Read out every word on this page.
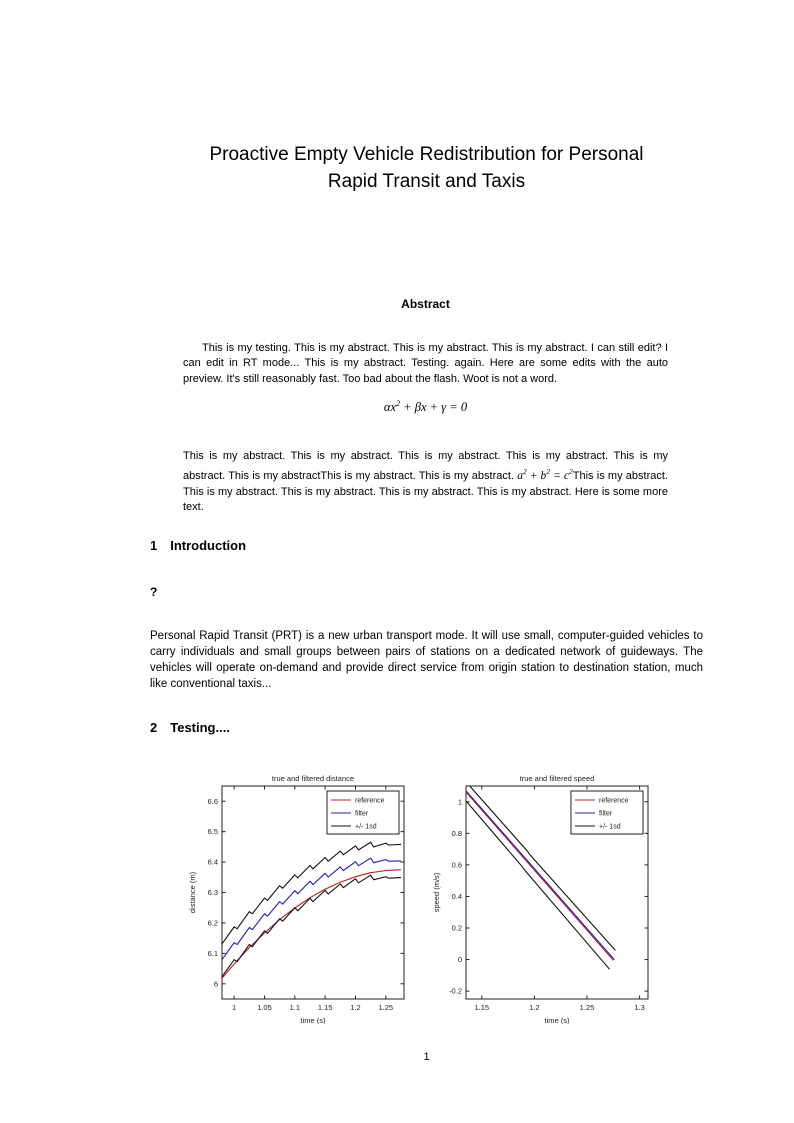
Proactive Empty Vehicle Redistribution for Personal
Rapid Transit and Taxis
Abstract

This is my testing. This is my abstract. This is my abstract. This is my abstract. I can still edit? I can edit in RT mode... This is my abstract. Testing. again. Here are some edits with the auto preview. It's still reasonably fast. Too bad about the flash. Woot is not a word.

$\alpha x^2 + \beta x + \gamma = 0$

This is my abstract. This is my abstract. This is my abstract. This is my abstract. This is my abstract. This is my abstractThis is my abstract. This is my abstract. $a^2 + b^2$ = $c^2This$ is my abstract. This is my abstract. This is my abstract. This is my abstract. This is my abstract. Here is some more text.

1 Introduction
?

Personal Rapid Transit (PRT) is a new urban transport mode. It will use small, computer-guided vehicles to carry individuals and small groups between pairs of stations on a dedicated network of guideways. The vehicles will operate on-demand and provide direct service from origin station to destination station, much like conventional taxis...

2 Testing....
1	1.05 1.1 1.15 1.2 1.25
6
6.1
6.2
6.3
6.4
6.5
6.6
true and filtered distance
time (s)
distance (m)
reference
filter
+/- 1sd
1.15	1.2	1.25	1.3
-0.2
0
0.2
0.4
0.6
0.8
1
true and filtered speed
time (s)
speed (m/s)
reference
filter
+/- 1sd
1
